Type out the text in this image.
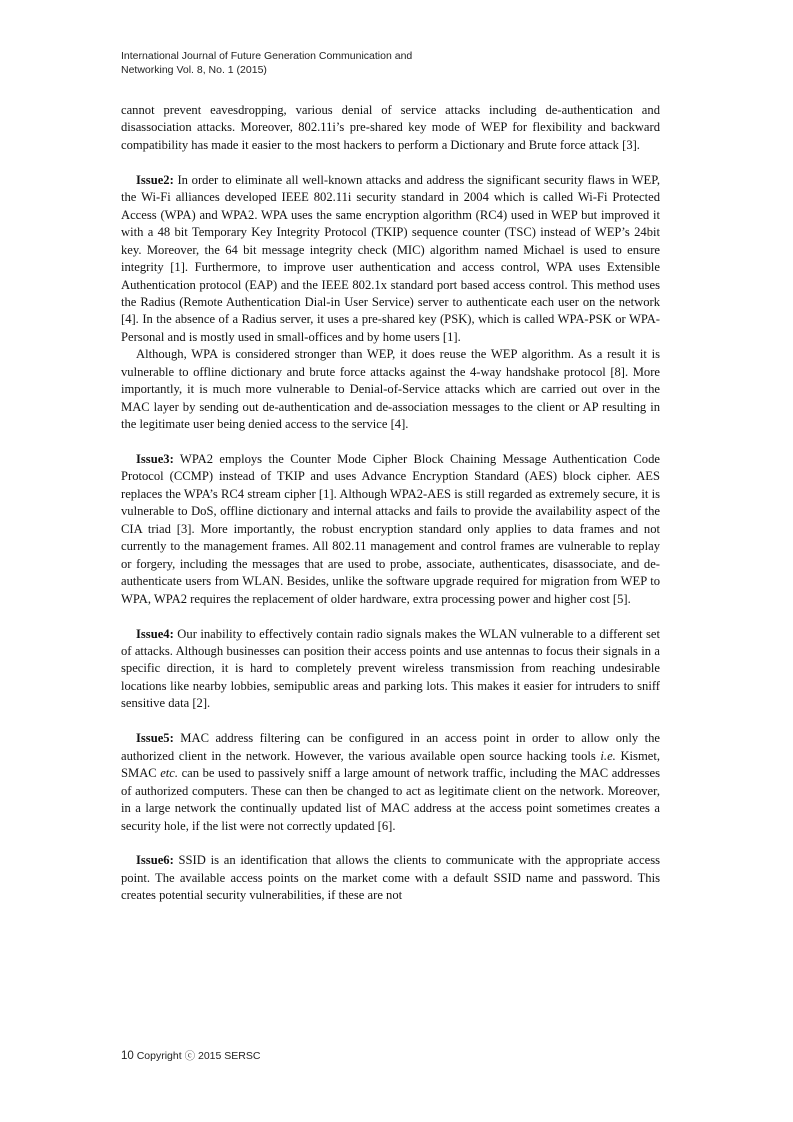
International Journal of Future Generation Communication and
Networking Vol. 8, No. 1 (2015)

cannot prevent eavesdropping, various denial of service attacks including de-authentication and disassociation attacks. Moreover, 802.11i’s pre-shared key mode of WEP for flexibility and backward compatibility has made it easier to the most hackers to perform a Dictionary and Brute force attack [3].

Issue2: In order to eliminate all well-known attacks and address the significant security flaws in WEP, the Wi-Fi alliances developed IEEE 802.11i security standard in 2004 which is called Wi-Fi Protected Access (WPA) and WPA2. WPA uses the same encryption algorithm (RC4) used in WEP but improved it with a 48 bit Temporary Key Integrity Protocol (TKIP) sequence counter (TSC) instead of WEP’s 24bit key. Moreover, the 64 bit message integrity check (MIC) algorithm named Michael is used to ensure integrity [1]. Furthermore, to improve user authentication and access control, WPA uses Extensible Authentication protocol (EAP) and the IEEE 802.1x standard port based access control. This method uses the Radius (Remote Authentication Dial-in User Service) server to authenticate each user on the network [4]. In the absence of a Radius server, it uses a pre-shared key (PSK), which is called WPA-PSK or WPA-Personal and is mostly used in small-offices and by home users [1].

Although, WPA is considered stronger than WEP, it does reuse the WEP algorithm. As a result it is vulnerable to offline dictionary and brute force attacks against the 4-way handshake protocol [8]. More importantly, it is much more vulnerable to Denial-of-Service attacks which are carried out over in the MAC layer by sending out de-authentication and de-association messages to the client or AP resulting in the legitimate user being denied access to the service [4].

Issue3: WPA2 employs the Counter Mode Cipher Block Chaining Message Authentication Code Protocol (CCMP) instead of TKIP and uses Advance Encryption Standard (AES) block cipher. AES replaces the WPA’s RC4 stream cipher [1]. Although WPA2-AES is still regarded as extremely secure, it is vulnerable to DoS, offline dictionary and internal attacks and fails to provide the availability aspect of the CIA triad [3]. More importantly, the robust encryption standard only applies to data frames and not currently to the management frames. All 802.11 management and control frames are vulnerable to replay or forgery, including the messages that are used to probe, associate, authenticates, disassociate, and de-authenticate users from WLAN. Besides, unlike the software upgrade required for migration from WEP to WPA, WPA2 requires the replacement of older hardware, extra processing power and higher cost [5].

Issue4: Our inability to effectively contain radio signals makes the WLAN vulnerable to a different set of attacks. Although businesses can position their access points and use antennas to focus their signals in a specific direction, it is hard to completely prevent wireless transmission from reaching undesirable locations like nearby lobbies, semipublic areas and parking lots. This makes it easier for intruders to sniff sensitive data [2].

Issue5: MAC address filtering can be configured in an access point in order to allow only the authorized client in the network. However, the various available open source hacking tools i.e. Kismet, SMAC etc. can be used to passively sniff a large amount of network traffic, including the MAC addresses of authorized computers. These can then be changed to act as legitimate client on the network. Moreover, in a large network the continually updated list of MAC address at the access point sometimes creates a security hole, if the list were not correctly updated [6].

Issue6: SSID is an identification that allows the clients to communicate with the appropriate access point. The available access points on the market come with a default SSID name and password. This creates potential security vulnerabilities, if these are not

10 Copyright ⓒ 2015 SERSC
